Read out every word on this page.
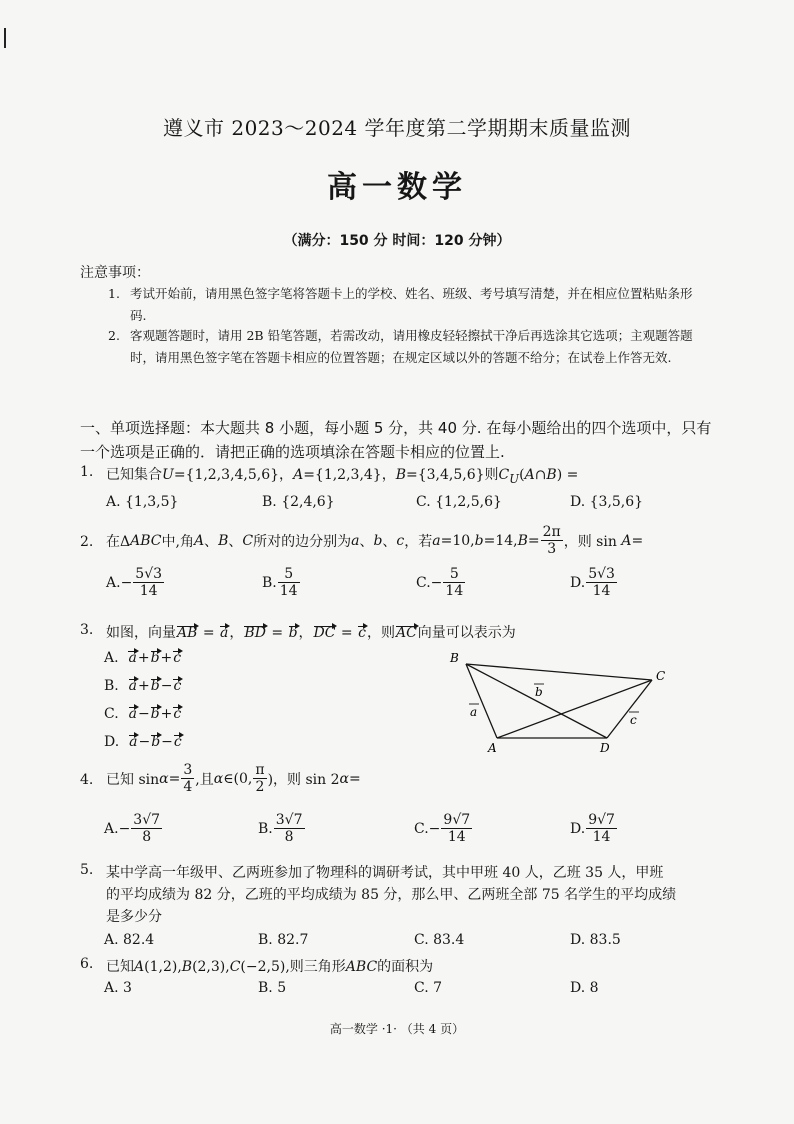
遵义市 2023～2024 学年度第二学期期末质量监测
高一数学
（满分：150 分 时间：120 分钟）
注意事项：
1. 考试开始前，请用黑色签字笔将答题卡上的学校、姓名、班级、考号填写清楚，并在相应位置粘贴条形码.
2. 客观题答题时，请用 2B 铅笔答题，若需改动，请用橡皮轻轻擦拭干净后再选涂其它选项；主观题答题时，请用黑色签字笔在答题卡相应的位置答题；在规定区域以外的答题不给分；在试卷上作答无效.
一、单项选择题：本大题共 8 小题，每小题 5 分，共 40 分. 在每小题给出的四个选项中，只有一个选项是正确的．请把正确的选项填涂在答题卡相应的位置上.
1. 已知集合U={1,2,3,4,5,6}，A={1,2,3,4}，B={3,4,5,6}则$C_U(A\cap B)$ =
A. {1,3,5}	B. {2,4,6}	C. {1,2,5,6}	D. {3,5,6}
2. 在Δ ABC 中,角 A 、 B 、 C 所对的边分别为 a 、 b 、 c ，若 a =10, b =14, $B = \frac{2\pi}{3}$ ，则 sin
A =
A. − $\frac{5√3}{14}$	B. $\frac{5}{14}$	C. − $\frac{5}{14}$	D. $\frac{5√3}{14}$
3. 如图，向量AB = a，BD = b，DC = c，则AC向量可以表示为
A. a+b+c
B. a+b−c
C. a−b+c
D. a−b−c
B
C
A	D
b
a
c
4. 已知 $\sin \alpha = \frac{3}{4}$ ,且 α ∈(0, $\frac{\pi}{2}$ )，则 sin 2 α =
A. − $\frac{3√7}{8}$	B. $\frac{3√7}{8}$	C. − $\frac{9√7}{14}$	D. $\frac{9√7}{14}$
5. 某中学高一年级甲、乙两班参加了物理科的调研考试，其中甲班 40 人，乙班 35 人，甲班
的平均成绩为 82 分，乙班的平均成绩为 85 分，那么甲、乙两班全部 75 名学生的平均成绩
是多少分
A. 82.4	B. 82.7	C. 83.4	D. 83.5
6. 已知A(1,2),B(2,3),C(−2,5),则三角形ABC的面积为
A. 3	B. 5	C. 7	D. 8
高一数学 ·1· （共 4 页）
